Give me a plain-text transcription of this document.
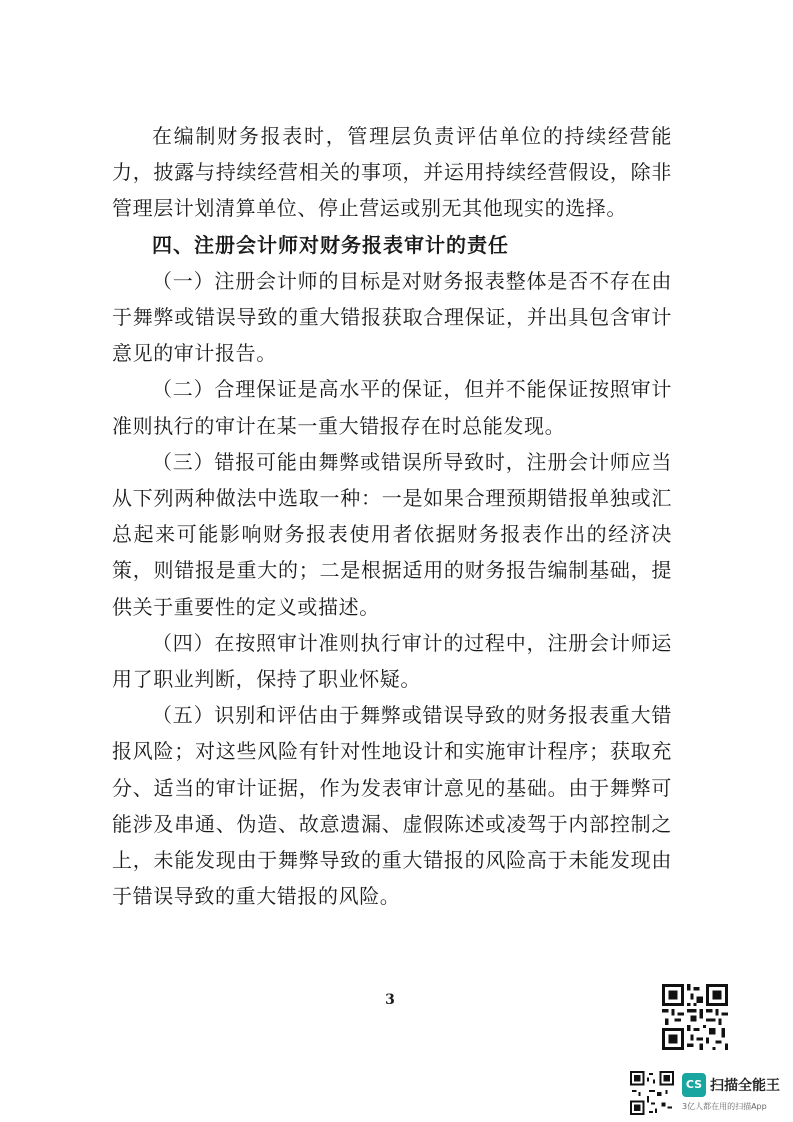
在编制财务报表时，管理层负责评估单位的持续经营能力，披露与持续经营相关的事项，并运用持续经营假设，除非管理层计划清算单位、停止营运或别无其他现实的选择。

四、注册会计师对财务报表审计的责任

（一）注册会计师的目标是对财务报表整体是否不存在由于舞弊或错误导致的重大错报获取合理保证，并出具包含审计意见的审计报告。

（二）合理保证是高水平的保证，但并不能保证按照审计准则执行的审计在某一重大错报存在时总能发现。

（三）错报可能由舞弊或错误所导致时，注册会计师应当从下列两种做法中选取一种：一是如果合理预期错报单独或汇总起来可能影响财务报表使用者依据财务报表作出的经济决策，则错报是重大的；二是根据适用的财务报告编制基础，提供关于重要性的定义或描述。

（四）在按照审计准则执行审计的过程中，注册会计师运用了职业判断，保持了职业怀疑。

（五）识别和评估由于舞弊或错误导致的财务报表重大错报风险；对这些风险有针对性地设计和实施审计程序；获取充分、适当的审计证据，作为发表审计意见的基础。由于舞弊可能涉及串通、伪造、故意遗漏、虚假陈述或凌驾于内部控制之上，未能发现由于舞弊导致的重大错报的风险高于未能发现由于错误导致的重大错报的风险。

3
CS 扫描全能王
3亿人都在用的扫描App
